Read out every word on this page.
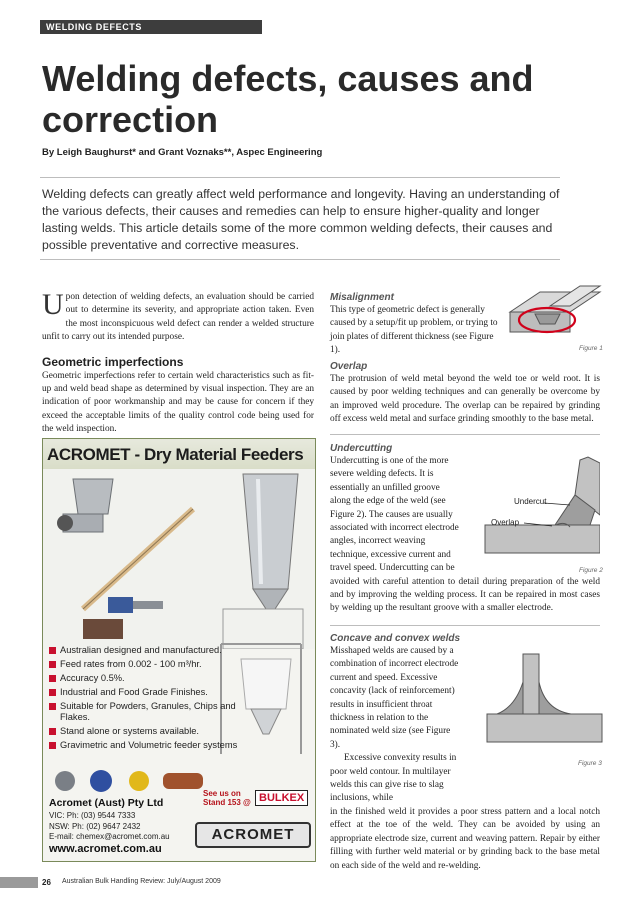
WELDING DEFECTS
Welding defects, causes and correction
By Leigh Baughurst* and Grant Voznaks**, Aspec Engineering

Welding defects can greatly affect weld performance and longevity. Having an understanding of the various defects, their causes and remedies can help to ensure higher-quality and longer lasting welds. This article details some of the more common welding defects, their causes and possible preventative and corrective measures.

Upon detection of welding defects, an evaluation should be carried out to determine its severity, and appropriate action taken. Even the most inconspicuous weld defect can render a welded structure unfit to carry out its intended purpose.

Geometric imperfections

Geometric imperfections refer to certain weld characteristics such as fit-up and weld bead shape as determined by visual inspection. They are an indication of poor workmanship and may be cause for concern if they exceed the acceptable limits of the quality control code being used for the weld inspection.

ACROMET - Dry Material Feeders
Australian designed and manufactured.
Feed rates from 0.002 - 100 m³/hr.
Accuracy 0.5%.
Industrial and Food Grade Finishes.
Suitable for Powders, Granules, Chips and Flakes.
Stand alone or systems available.
Gravimetric and Volumetric feeder systems
See us on
Stand 153 @ BULKEX
Acromet (Aust) Pty Ltd
VIC: Ph: (03) 9544 7333
NSW: Ph: (02) 9647 2432
E-mail: chemex@acromet.com.au
www.acromet.com.au
ACROMET
Misalignment

This type of geometric defect is generally caused by a setup/fit up problem, or trying to join plates of different thickness (see Figure 1).	Figure 1
Overlap

The protrusion of weld metal beyond the weld toe or weld root. It is caused by poor welding techniques and can generally be overcome by an improved weld procedure. The overlap can be repaired by grinding off excess weld metal and surface grinding smoothly to the base metal.

Undercutting

Undercutting is one of the more severe welding defects. It is essentially an unfilled groove along the edge of the weld (see Figure 2). The causes are usually associated with incorrect electrode angles, incorrect weaving technique, excessive current and travel speed. Undercutting can be

avoided with careful attention to detail during preparation of the weld and by improving the welding process. It can be repaired in most cases by welding up the resultant groove with a smaller electrode.

Undercut
Overlap
Figure 2
Concave and convex welds

Misshaped welds are caused by a combination of incorrect electrode current and speed. Excessive concavity (lack of reinforcement) results in insufficient throat thickness in relation to the nominated weld size (see Figure 3).

Excessive convexity results in poor weld contour. In multilayer welds this can give rise to slag inclusions, while

in the finished weld it provides a poor stress pattern and a local notch effect at the toe of the weld. They can be avoided by using an appropriate electrode size, current and weaving pattern. Repair by either filling with further weld material or by grinding back to the base metal on each side of the weld and re-welding.

Figure 3
26 Australian Bulk Handling Review: July/August 2009
